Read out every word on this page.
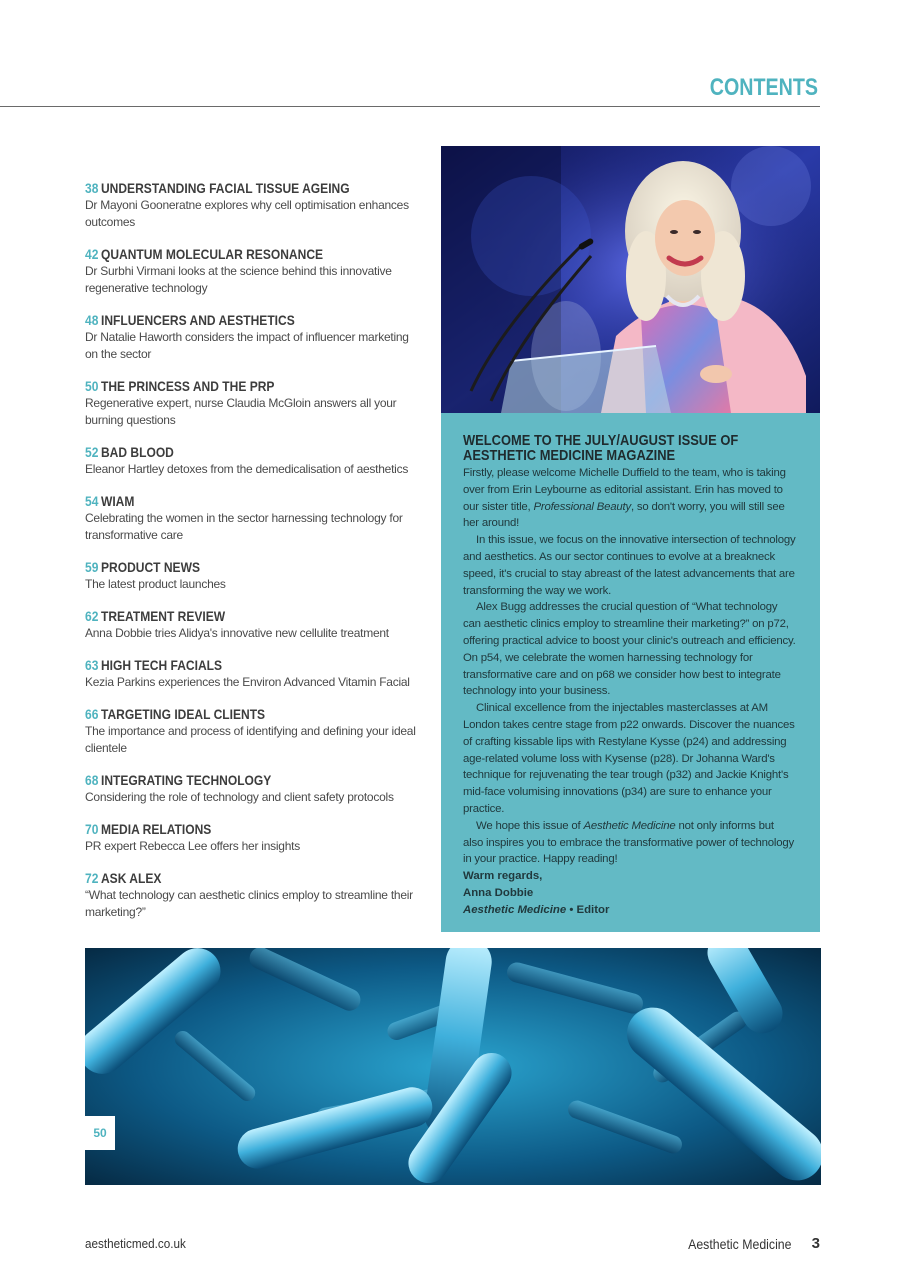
CONTENTS
38 UNDERSTANDING FACIAL TISSUE AGEING
Dr Mayoni Gooneratne explores why cell optimisation enhances outcomes
42 QUANTUM MOLECULAR RESONANCE
Dr Surbhi Virmani looks at the science behind this innovative regenerative technology
48 INFLUENCERS AND AESTHETICS
Dr Natalie Haworth considers the impact of influencer marketing on the sector
50 THE PRINCESS AND THE PRP
Regenerative expert, nurse Claudia McGloin answers all your burning questions
52 BAD BLOOD
Eleanor Hartley detoxes from the demedicalisation of aesthetics
54 WIAM
Celebrating the women in the sector harnessing technology for transformative care
59 PRODUCT NEWS
The latest product launches
62 TREATMENT REVIEW
Anna Dobbie tries Alidya's innovative new cellulite treatment
63 HIGH TECH FACIALS
Kezia Parkins experiences the Environ Advanced Vitamin Facial
66 TARGETING IDEAL CLIENTS
The importance and process of identifying and defining your ideal clientele
68 INTEGRATING TECHNOLOGY
Considering the role of technology and client safety protocols
70 MEDIA RELATIONS
PR expert Rebecca Lee offers her insights
72 ASK ALEX
“What technology can aesthetic clinics employ to streamline their marketing?”
WELCOME TO THE JULY/AUGUST ISSUE OF AESTHETIC MEDICINE MAGAZINE

Firstly, please welcome Michelle Duffield to the team, who is taking over from Erin Leybourne as editorial assistant. Erin has moved to our sister title, Professional Beauty, so don't worry, you will still see her around!

In this issue, we focus on the innovative intersection of technology and aesthetics. As our sector continues to evolve at a breakneck speed, it's crucial to stay abreast of the latest advancements that are transforming the way we work.

Alex Bugg addresses the crucial question of “What technology can aesthetic clinics employ to streamline their marketing?” on p72, offering practical advice to boost your clinic's outreach and efficiency. On p54, we celebrate the women harnessing technology for transformative care and on p68 we consider how best to integrate technology into your business.

Clinical excellence from the injectables masterclasses at AM London takes centre stage from p22 onwards. Discover the nuances of crafting kissable lips with Restylane Kysse (p24) and addressing age-related volume loss with Kysense (p28). Dr Johanna Ward's technique for rejuvenating the tear trough (p32) and Jackie Knight's mid-face volumising innovations (p34) are sure to enhance your practice.

We hope this issue of Aesthetic Medicine not only informs but also inspires you to embrace the transformative power of technology in your practice. Happy reading!

Warm regards,
Anna Dobbie
Aesthetic Medicine • Editor
50
aestheticmed.co.uk	Aesthetic Medicine 3
